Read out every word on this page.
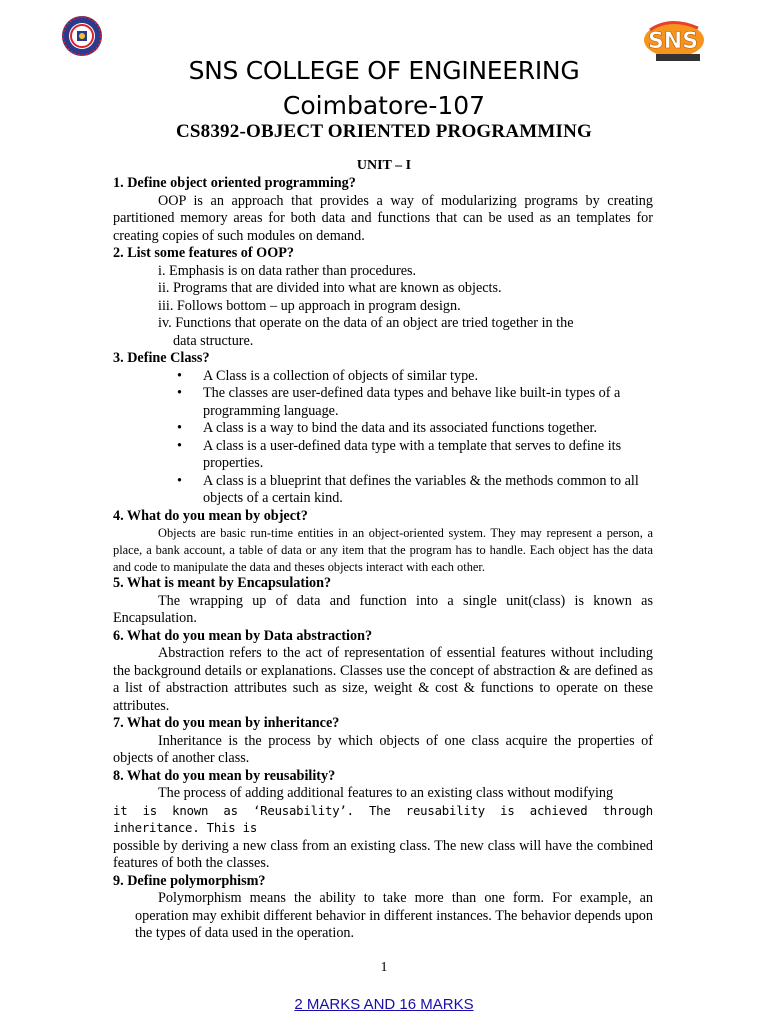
SNS
SNS COLLEGE OF ENGINEERING
Coimbatore-107
CS8392-OBJECT ORIENTED PROGRAMMING
UNIT – I

1. Define object oriented programming?

OOP is an approach that provides a way of modularizing programs by creating partitioned memory areas for both data and functions that can be used as an templates for creating copies of such modules on demand.

2. List some features of OOP?

i. Emphasis is on data rather than procedures.
ii. Programs that are divided into what are known as objects.
iii. Follows bottom – up approach in program design.
iv. Functions that operate on the data of an object are tried together in the
data structure.

3. Define Class?

• A Class is a collection of objects of similar type.
• The classes are user-defined data types and behave like built-in types of a programming language.
• A class is a way to bind the data and its associated functions together.
• A class is a user-defined data type with a template that serves to define its properties.
• A class is a blueprint that defines the variables & the methods common to all objects of a certain kind.

4. What do you mean by object?

Objects are basic run-time entities in an object-oriented system. They may represent a person, a place, a bank account, a table of data or any item that the program has to handle. Each object has the data and code to manipulate the data and theses objects interact with each other.

5. What is meant by Encapsulation?

The wrapping up of data and function into a single unit(class) is known as Encapsulation.

6. What do you mean by Data abstraction?

Abstraction refers to the act of representation of essential features without including the background details or explanations. Classes use the concept of abstraction & are defined as a list of abstraction attributes such as size, weight & cost & functions to operate on these attributes.

7. What do you mean by inheritance?

Inheritance is the process by which objects of one class acquire the properties of objects of another class.

8. What do you mean by reusability?

The process of adding additional features to an existing class without modifying

it is known as ‘Reusability’. The reusability is achieved through inheritance. This is

possible by deriving a new class from an existing class. The new class will have the combined features of both the classes.

9. Define polymorphism?

Polymorphism means the ability to take more than one form. For example, an operation may exhibit different behavior in different instances. The behavior depends upon the types of data used in the operation.

1
2 MARKS AND 16 MARKS
